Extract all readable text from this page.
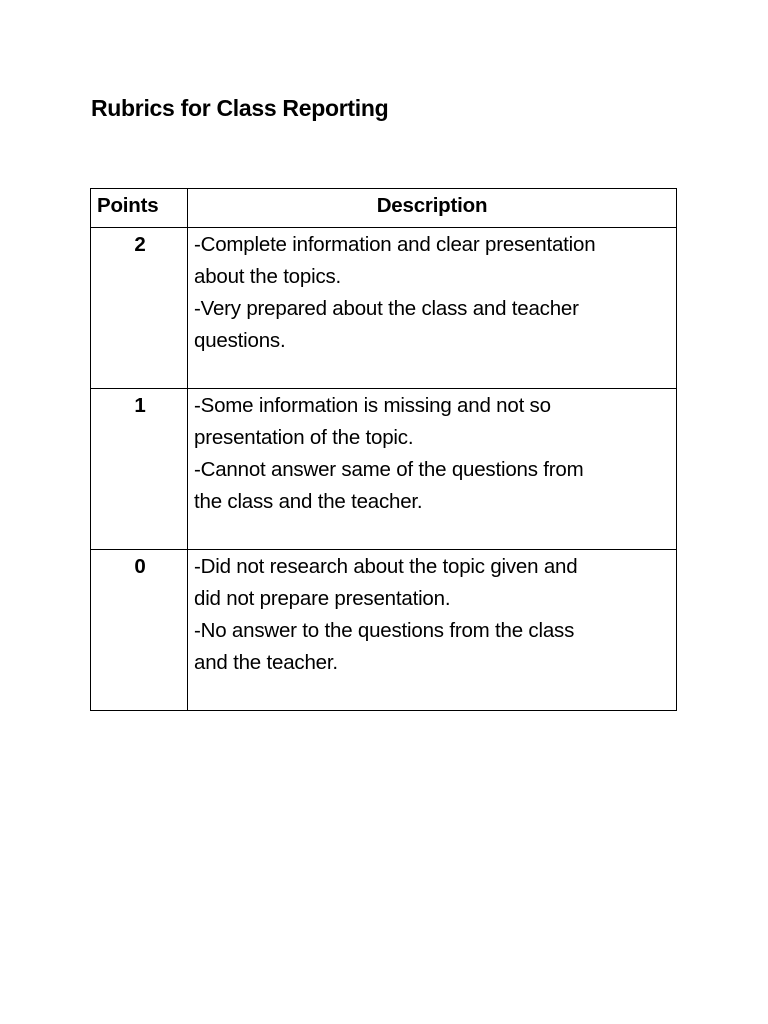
Rubrics for Class Reporting
Points	Description
2	-Complete information and clear presentation
about the topics.
-Very prepared about the class and teacher
questions.

1	-Some information is missing and not so
presentation of the topic.
-Cannot answer same of the questions from
the class and the teacher.

0	-Did not research about the topic given and
did not prepare presentation.
-No answer to the questions from the class
and the teacher.
